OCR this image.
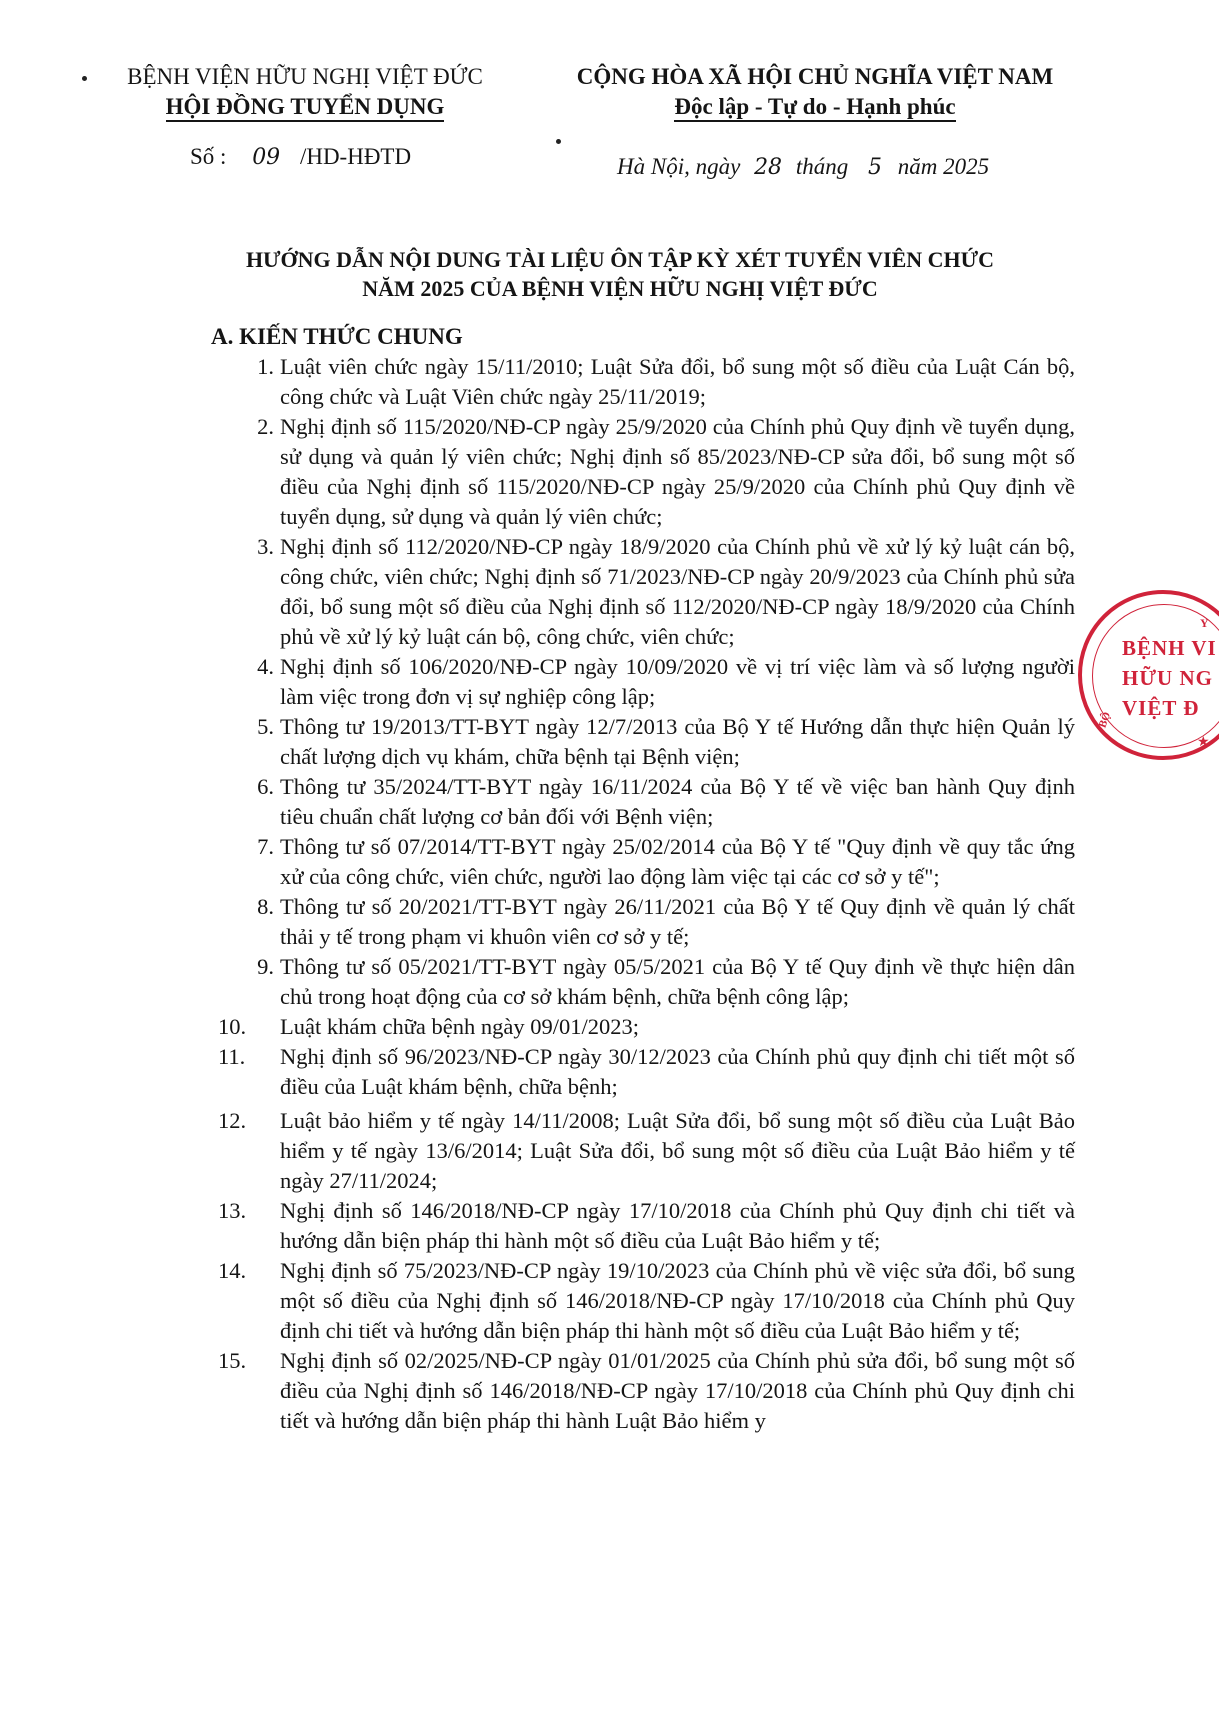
BỆNH VIỆN HỮU NGHỊ VIỆT ĐỨC
HỘI ĐỒNG TUYỂN DỤNG
CỘNG HÒA XÃ HỘI CHỦ NGHĨA VIỆT NAM
Độc lập - Tự do - Hạnh phúc
Số : 09 /HD-HĐTD	Hà Nội, ngày 28 tháng 5 năm 2025
HƯỚNG DẪN NỘI DUNG TÀI LIỆU ÔN TẬP KỲ XÉT TUYỂN VIÊN CHỨC
NĂM 2025 CỦA BỆNH VIỆN HỮU NGHỊ VIỆT ĐỨC
A. KIẾN THỨC CHUNG
1. Luật viên chức ngày 15/11/2010; Luật Sửa đổi, bổ sung một số điều của Luật Cán bộ, công chức và Luật Viên chức ngày 25/11/2019;
2. Nghị định số 115/2020/NĐ-CP ngày 25/9/2020 của Chính phủ Quy định về tuyển dụng, sử dụng và quản lý viên chức; Nghị định số 85/2023/NĐ-CP sửa đổi, bổ sung một số điều của Nghị định số 115/2020/NĐ-CP ngày 25/9/2020 của Chính phủ Quy định về tuyển dụng, sử dụng và quản lý viên chức;
3. Nghị định số 112/2020/NĐ-CP ngày 18/9/2020 của Chính phủ về xử lý kỷ luật cán bộ, công chức, viên chức; Nghị định số 71/2023/NĐ-CP ngày 20/9/2023 của Chính phủ sửa đổi, bổ sung một số điều của Nghị định số 112/2020/NĐ-CP ngày 18/9/2020 của Chính phủ về xử lý kỷ luật cán bộ, công chức, viên chức;
4. Nghị định số 106/2020/NĐ-CP ngày 10/09/2020 về vị trí việc làm và số lượng người làm việc trong đơn vị sự nghiệp công lập;
5. Thông tư 19/2013/TT-BYT ngày 12/7/2013 của Bộ Y tế Hướng dẫn thực hiện Quản lý chất lượng dịch vụ khám, chữa bệnh tại Bệnh viện;
6. Thông tư 35/2024/TT-BYT ngày 16/11/2024 của Bộ Y tế về việc ban hành Quy định tiêu chuẩn chất lượng cơ bản đối với Bệnh viện;
7. Thông tư số 07/2014/TT-BYT ngày 25/02/2014 của Bộ Y tế "Quy định về quy tắc ứng xử của công chức, viên chức, người lao động làm việc tại các cơ sở y tế";
8. Thông tư số 20/2021/TT-BYT ngày 26/11/2021 của Bộ Y tế Quy định về quản lý chất thải y tế trong phạm vi khuôn viên cơ sở y tế;
9. Thông tư số 05/2021/TT-BYT ngày 05/5/2021 của Bộ Y tế Quy định về thực hiện dân chủ trong hoạt động của cơ sở khám bệnh, chữa bệnh công lập;
10.	Luật khám chữa bệnh ngày 09/01/2023;
11.	Nghị định số 96/2023/NĐ-CP ngày 30/12/2023 của Chính phủ quy định chi tiết một số điều của Luật khám bệnh, chữa bệnh;
12.	Luật bảo hiểm y tế ngày 14/11/2008; Luật Sửa đổi, bổ sung một số điều của Luật Bảo hiểm y tế ngày 13/6/2014; Luật Sửa đổi, bổ sung một số điều của Luật Bảo hiểm y tế ngày 27/11/2024;
13.	Nghị định số 146/2018/NĐ-CP ngày 17/10/2018 của Chính phủ Quy định chi tiết và hướng dẫn biện pháp thi hành một số điều của Luật Bảo hiểm y tế;
14.	Nghị định số 75/2023/NĐ-CP ngày 19/10/2023 của Chính phủ về việc sửa đổi, bổ sung một số điều của Nghị định số 146/2018/NĐ-CP ngày 17/10/2018 của Chính phủ Quy định chi tiết và hướng dẫn biện pháp thi hành một số điều của Luật Bảo hiểm y tế;
15.	Nghị định số 02/2025/NĐ-CP ngày 01/01/2025 của Chính phủ sửa đổi, bổ sung một số điều của Nghị định số 146/2018/NĐ-CP ngày 17/10/2018 của Chính phủ Quy định chi tiết và hướng dẫn biện pháp thi hành Luật Bảo hiểm y
Y
BỆNH VI
HỮU NG
VIỆT Đ
BỘ
★
